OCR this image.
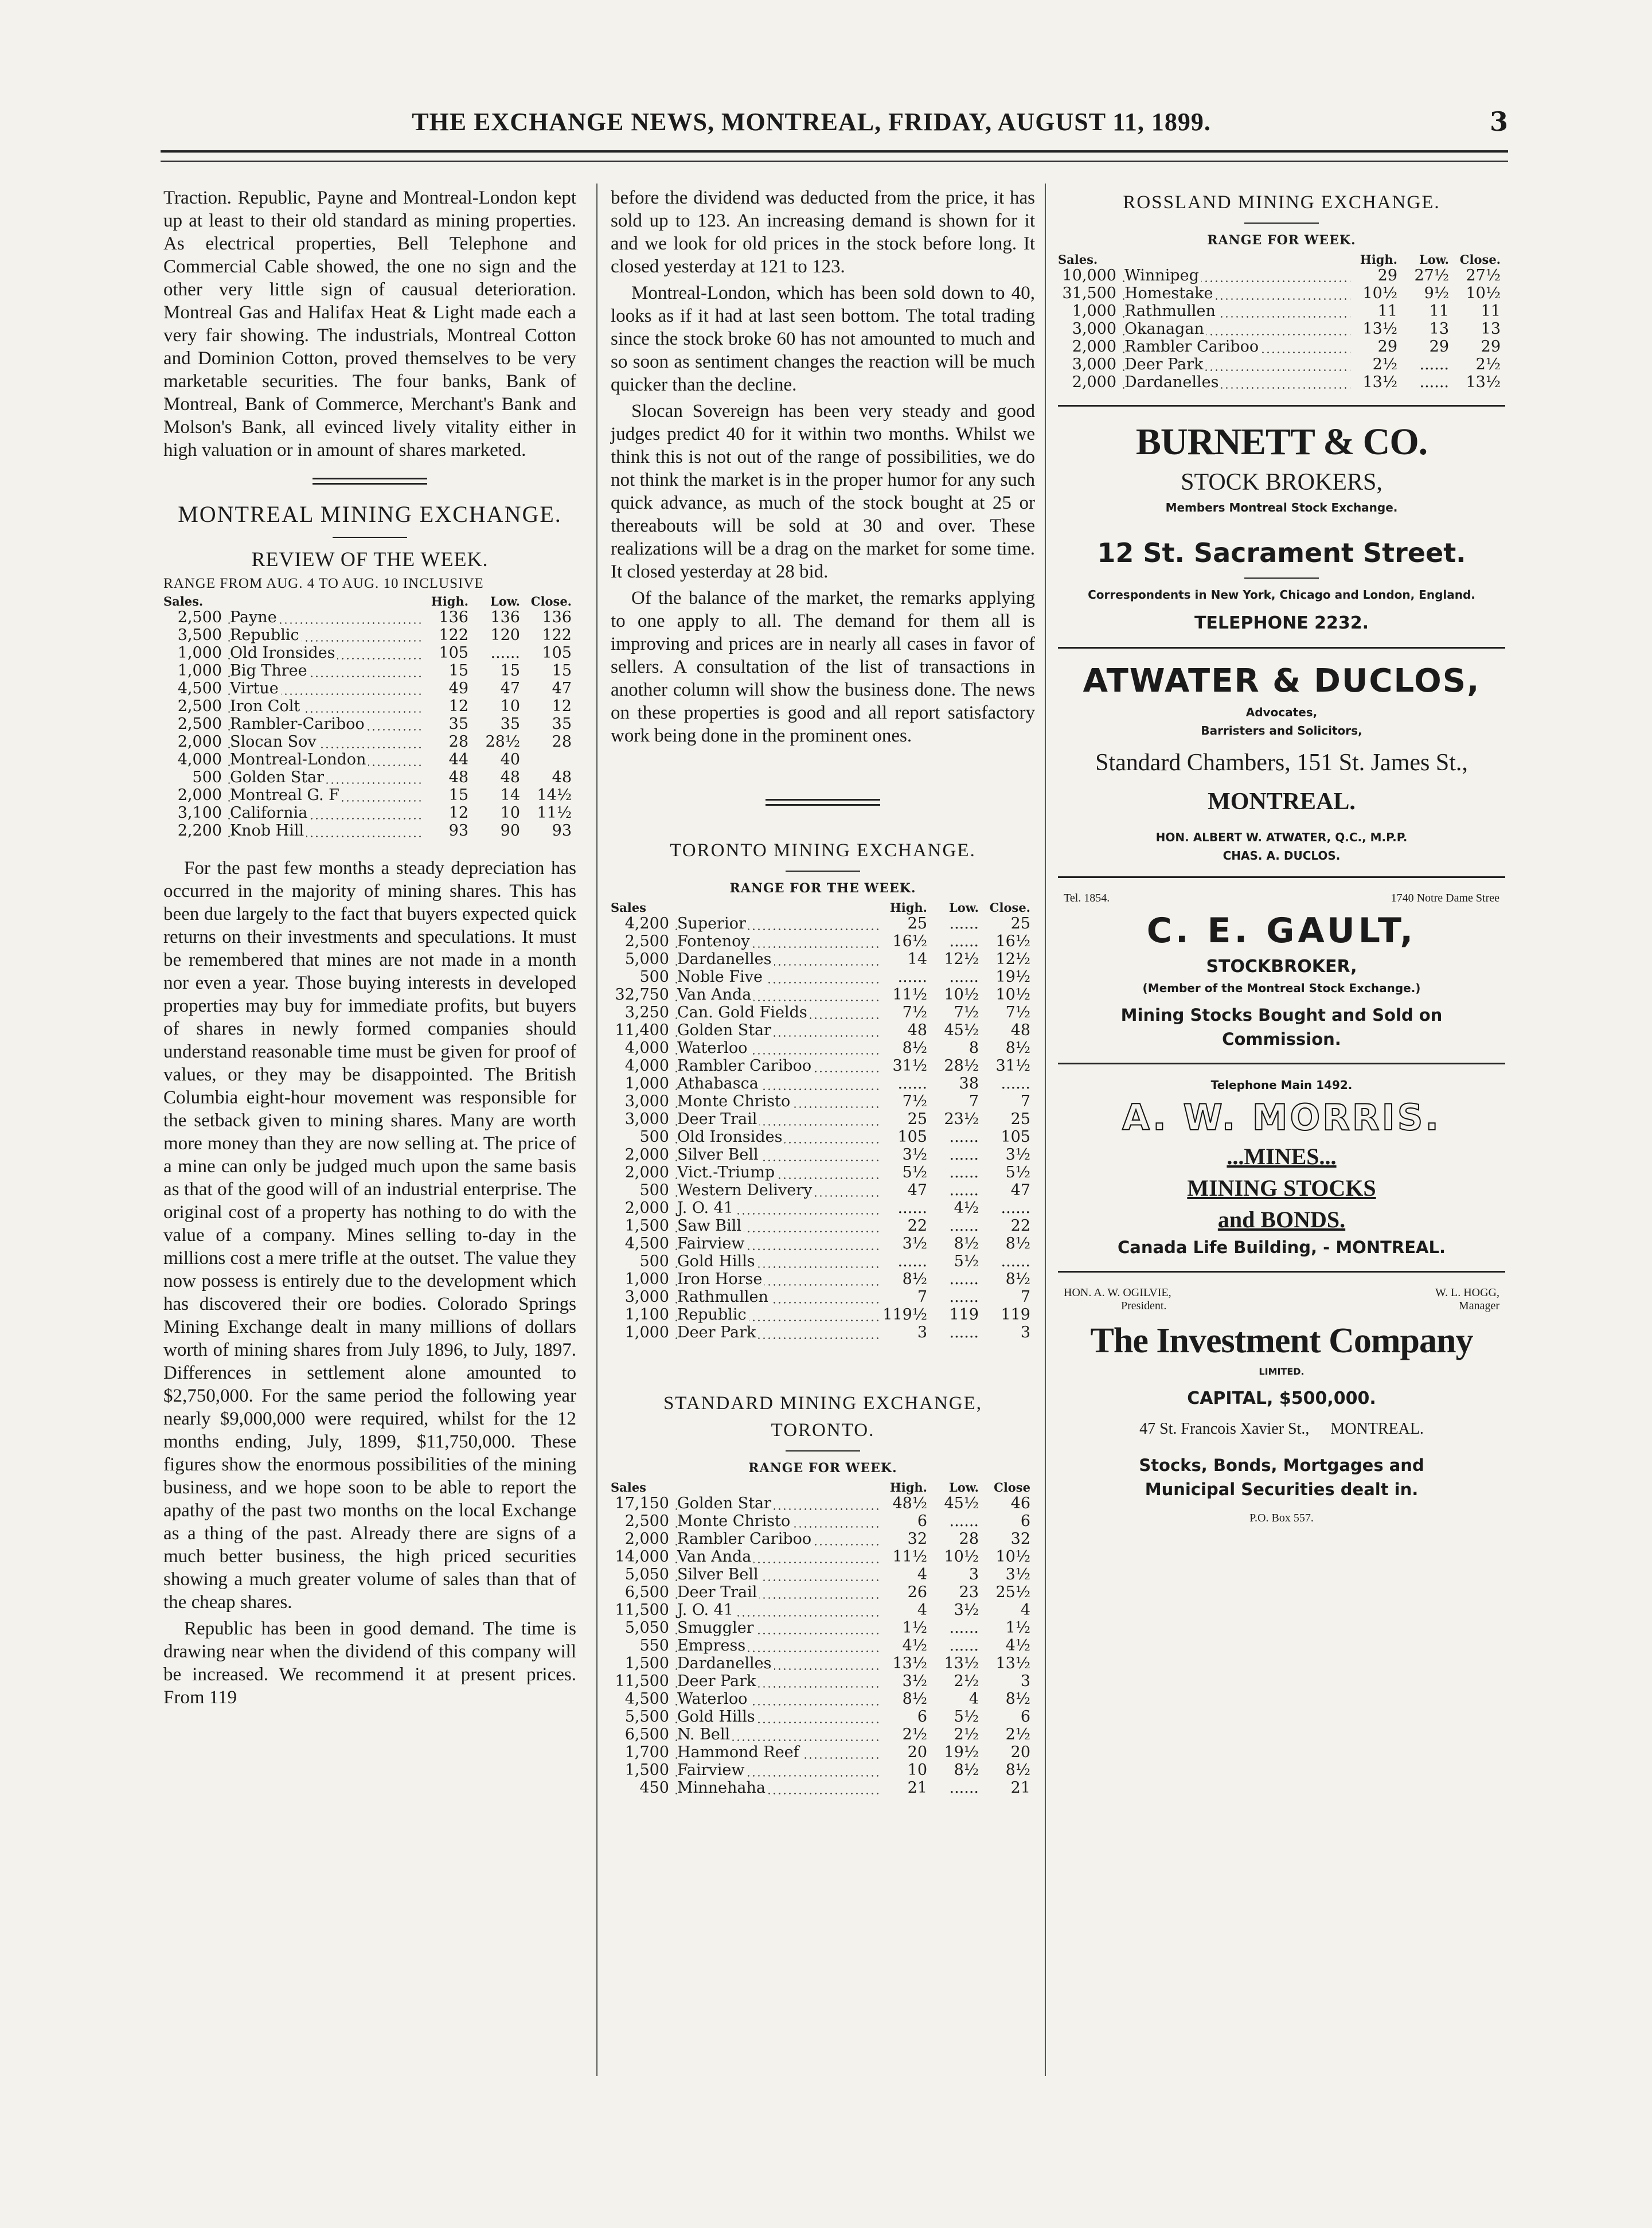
THE EXCHANGE NEWS, MONTREAL, FRIDAY, AUGUST 11, 1899.	3

Traction. Republic, Payne and Montreal-London kept up at least to their old standard as mining properties. As electrical properties, Bell Telephone and Commercial Cable showed, the one no sign and the other very little sign of causual deterioration. Montreal Gas and Halifax Heat & Light made each a very fair showing. The industrials, Montreal Cotton and Dominion Cotton, proved themselves to be very marketable securities. The four banks, Bank of Montreal, Bank of Commerce, Merchant's Bank and Molson's Bank, all evinced lively vitality either in high valuation or in amount of shares marketed.

MONTREAL MINING EXCHANGE.
REVIEW OF THE WEEK.
RANGE FROM AUG. 4 TO AUG. 10 INCLUSIVE
Sales.		High.	Low.	Close.
2,500	Payne	136	136	136
3,500	Republic	122	120	122
1,000	Old Ironsides	105	......	105
1,000	Big Three	15	15	15
4,500	Virtue	49	47	47
2,500	Iron Colt	12	10	12
2,500	Rambler-Cariboo	35	35	35
2,000	Slocan Sov	28	28½	28
4,000	Montreal-London	44	40	
500	Golden Star	48	48	48
2,000	Montreal G. F	15	14	14½
3,100	California	12	10	11½
2,200	Knob Hill	93	90	93

For the past few months a steady depreciation has occurred in the majority of mining shares. This has been due largely to the fact that buyers expected quick returns on their investments and speculations. It must be remembered that mines are not made in a month nor even a year. Those buying interests in developed properties may buy for immediate profits, but buyers of shares in newly formed companies should understand reasonable time must be given for proof of values, or they may be disappointed. The British Columbia eight-hour movement was responsible for the setback given to mining shares. Many are worth more money than they are now selling at. The price of a mine can only be judged much upon the same basis as that of the good will of an industrial enterprise. The original cost of a property has nothing to do with the value of a company. Mines selling to-day in the millions cost a mere trifle at the outset. The value they now possess is entirely due to the development which has discovered their ore bodies. Colorado Springs Mining Exchange dealt in many millions of dollars worth of mining shares from July 1896, to July, 1897. Differences in settlement alone amounted to $2,750,000. For the same period the following year nearly $9,000,000 were required, whilst for the 12 months ending, July, 1899, $11,750,000. These figures show the enormous possibilities of the mining business, and we hope soon to be able to report the apathy of the past two months on the local Exchange as a thing of the past. Already there are signs of a much better business, the high priced securities showing a much greater volume of sales than that of the cheap shares.

Republic has been in good demand. The time is drawing near when the dividend of this company will be increased. We recommend it at present prices. From 119

before the dividend was deducted from the price, it has sold up to 123. An increasing demand is shown for it and we look for old prices in the stock before long. It closed yesterday at 121 to 123.

Montreal-London, which has been sold down to 40, looks as if it had at last seen bottom. The total trading since the stock broke 60 has not amounted to much and so soon as sentiment changes the reaction will be much quicker than the decline.

Slocan Sovereign has been very steady and good judges predict 40 for it within two months. Whilst we think this is not out of the range of possibilities, we do not think the market is in the proper humor for any such quick advance, as much of the stock bought at 25 or thereabouts will be sold at 30 and over. These realizations will be a drag on the market for some time. It closed yesterday at 28 bid.

Of the balance of the market, the remarks applying to one apply to all. The demand for them all is improving and prices are in nearly all cases in favor of sellers. A consultation of the list of transactions in another column will show the business done. The news on these properties is good and all report satisfactory work being done in the prominent ones.

TORONTO MINING EXCHANGE.
RANGE FOR THE WEEK.
Sales		High.	Low.	Close.
4,200	Superior	25	......	25
2,500	Fontenoy	16½	......	16½
5,000	Dardanelles	14	12½	12½
500	Noble Five	......	......	19½
32,750	Van Anda	11½	10½	10½
3,250	Can. Gold Fields	7½	7½	7½
11,400	Golden Star	48	45½	48
4,000	Waterloo	8½	8	8½
4,000	Rambler Cariboo	31½	28½	31½
1,000	Athabasca	......	38	......
3,000	Monte Christo	7½	7	7
3,000	Deer Trail	25	23½	25
500	Old Ironsides	105	......	105
2,000	Silver Bell	3½	......	3½
2,000	Vict.-Triump	5½	......	5½
500	Western Delivery	47	......	47
2,000	J. O. 41	......	4½	......
1,500	Saw Bill	22	......	22
4,500	Fairview	3½	8½	8½
500	Gold Hills	......	5½	......
1,000	Iron Horse	8½	......	8½
3,000	Rathmullen	7	......	7
1,100	Republic	119½	119	119
1,000	Deer Park	3	......	3
STANDARD MINING EXCHANGE,
TORONTO.
RANGE FOR WEEK.
Sales		High.	Low.	Close
17,150	Golden Star	48½	45½	46
2,500	Monte Christo	6	......	6
2,000	Rambler Cariboo	32	28	32
14,000	Van Anda	11½	10½	10½
5,050	Silver Bell	4	3	3½
6,500	Deer Trail	26	23	25½
11,500	J. O. 41	4	3½	4
5,050	Smuggler	1½	......	1½
550	Empress	4½	......	4½
1,500	Dardanelles	13½	13½	13½
11,500	Deer Park	3½	2½	3
4,500	Waterloo	8½	4	8½
5,500	Gold Hills	6	5½	6
6,500	N. Bell	2½	2½	2½
1,700	Hammond Reef	20	19½	20
1,500	Fairview	10	8½	8½
450	Minnehaha	21	......	21
ROSSLAND MINING EXCHANGE.
RANGE FOR WEEK.
Sales.		High.	Low.	Close.
10,000	Winnipeg	29	27½	27½
31,500	Homestake	10½	9½	10½
1,000	Rathmullen	11	11	11
3,000	Okanagan	13½	13	13
2,000	Rambler Cariboo	29	29	29
3,000	Deer Park	2½	......	2½
2,000	Dardanelles	13½	......	13½
BURNETT & CO.
STOCK BROKERS,
Members Montreal Stock Exchange.
12 St. Sacrament Street.
Correspondents in New York, Chicago and London, England.
TELEPHONE 2232.
ATWATER & DUCLOS,
Advocates,
Barristers and Solicitors,
Standard Chambers, 151 St. James St.,
MONTREAL.
HON. ALBERT W. ATWATER, Q.C., M.P.P.
CHAS. A. DUCLOS.
Tel. 1854.	1740 Notre Dame Stree
C. E. GAULT,
STOCKBROKER,
(Member of the Montreal Stock Exchange.)
Mining Stocks Bought and Sold on
Commission.
Telephone Main 1492.
A. W. MORRIS.
...MINES...
MINING STOCKS
and BONDS.
Canada Life Building, - MONTREAL.
HON. A. W. OGILVIE,
President.
W. L. HOGG,
Manager
The Investment Company
LIMITED.
CAPITAL, $500,000.
47 St. Francois Xavier St., MONTREAL.
Stocks, Bonds, Mortgages and
Municipal Securities dealt in.
P.O. Box 557.
